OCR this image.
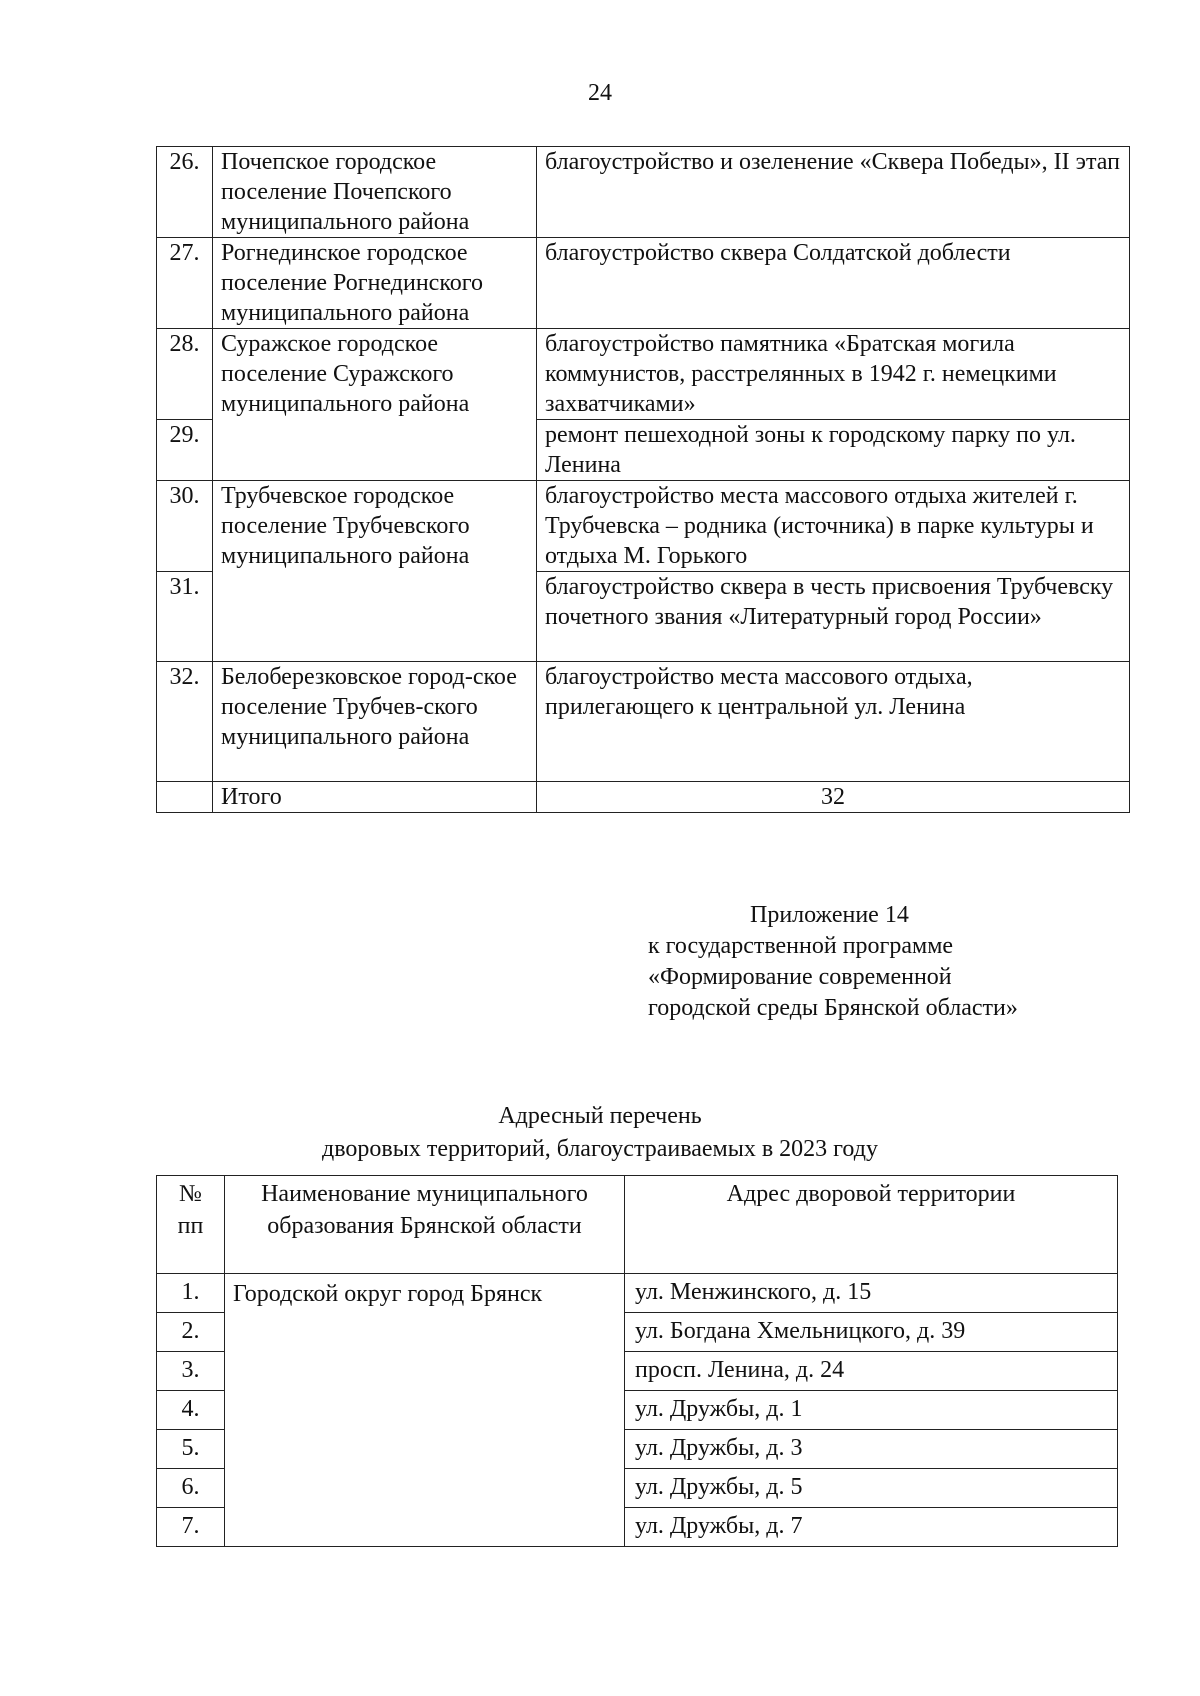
24
26.	Почепское городское поселение Почепского муниципального района	благоустройство и озеленение «Сквера Победы», II этап
27.	Рогнединское городское поселение Рогнединского муниципального района	благоустройство сквера Солдатской доблести
28.	Суражское городское поселение Суражского муниципального района	благоустройство памятника «Братская могила коммунистов, расстрелянных в 1942 г. немецкими захватчиками»
29.		ремонт пешеходной зоны к городскому парку по ул. Ленина
30.	Трубчевское городское поселение Трубчевского муниципального района	благоустройство места массового отдыха жителей г. Трубчевска – родника (источника) в парке культуры и отдыха М. Горького
31.		благоустройство сквера в честь присвоения Трубчевску почетного звания «Литературный город России»
32.	Белоберезковское город-ское поселение Трубчев-ского муниципального района	благоустройство места массового отдыха, прилегающего к центральной ул. Ленина
	Итого	32
Приложение 14
к государственной программе
«Формирование современной
городской среды Брянской области»
Адресный перечень
дворовых территорий, благоустраиваемых в 2023 году
№ пп	Наименование муниципального образования Брянской области	Адрес дворовой территории
1.	Городской округ город Брянск	ул. Менжинского, д. 15
2.		ул. Богдана Хмельницкого, д. 39
3.		просп. Ленина, д. 24
4.		ул. Дружбы, д. 1
5.		ул. Дружбы, д. 3
6.		ул. Дружбы, д. 5
7.		ул. Дружбы, д. 7
